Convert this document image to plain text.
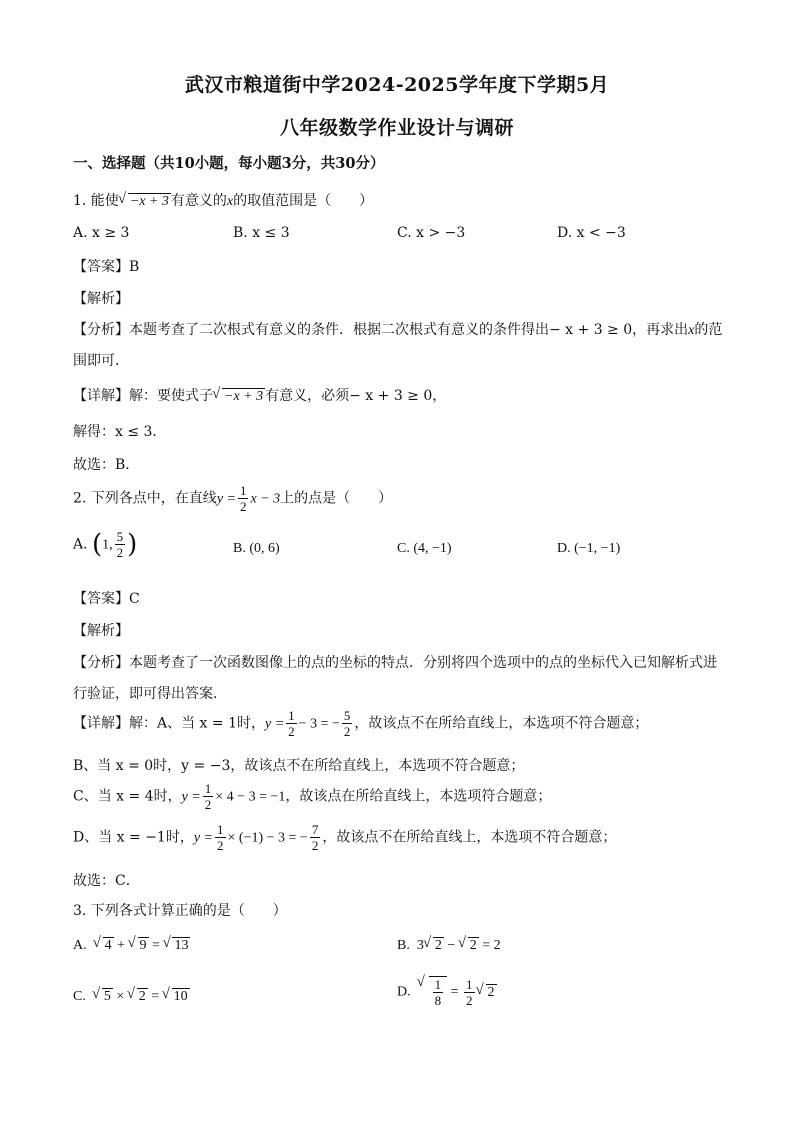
武汉市粮道街中学2024-2025学年度下学期5月
八年级数学作业设计与调研
一、选择题（共10小题，每小题3分，共30分）
1. 能使 √ −x + 3 有意义的x的取值范围是（　　）
A. x ≥ 3	B. x ≤ 3	C. x > −3	D. x < −3
【答案】B
【解析】
【分析】本题考查了二次根式有意义的条件．根据二次根式有意义的条件得出− x + 3 ≥ 0，再求出x的范
围即可．
【详解】解：要使式子 √ −x + 3 有意义，必须− x + 3 ≥ 0，
解得：x ≤ 3．
故选：B．
2. 下列各点中，在直线$y = \frac{1}{2}$ x − 3上的点是（　　）
A. (1, $\frac{5}{2}$ )	B. (0, 6)	C. (4, −1)	D. (−1, −1)
【答案】C
【解析】
【分析】本题考查了一次函数图像上的点的坐标的特点．分别将四个选项中的点的坐标代入已知解析式进
行验证，即可得出答案．
【详解】解：A、当 x = 1时，$y = \frac{1}{2} - 3$ = − $\frac{5}{2}$ ，故该点不在所给直线上，本选项不符合题意；
B、当 x = 0时，y = −3，故该点不在所给直线上，本选项不符合题意；
C、当 x = 4时，$y = \frac{1}{2} \times 4 - 3 = -1$，故该点在所给直线上，本选项符合题意；
D、当 x = −1时，$y = \frac{1}{2} \times (-1) - 3$ = − $\frac{7}{2}$ ，故该点不在所给直线上，本选项不符合题意；
故选：C．
3. 下列各式计算正确的是（　　）
A. √ 4 + √ 9 = √ 13	B. 3 √ 2 − √ 2 = 2
C. √ 5 × √ 2 = √ 10	D. √ $\frac{1}{8} = \frac{1}{2}$ √ 2
